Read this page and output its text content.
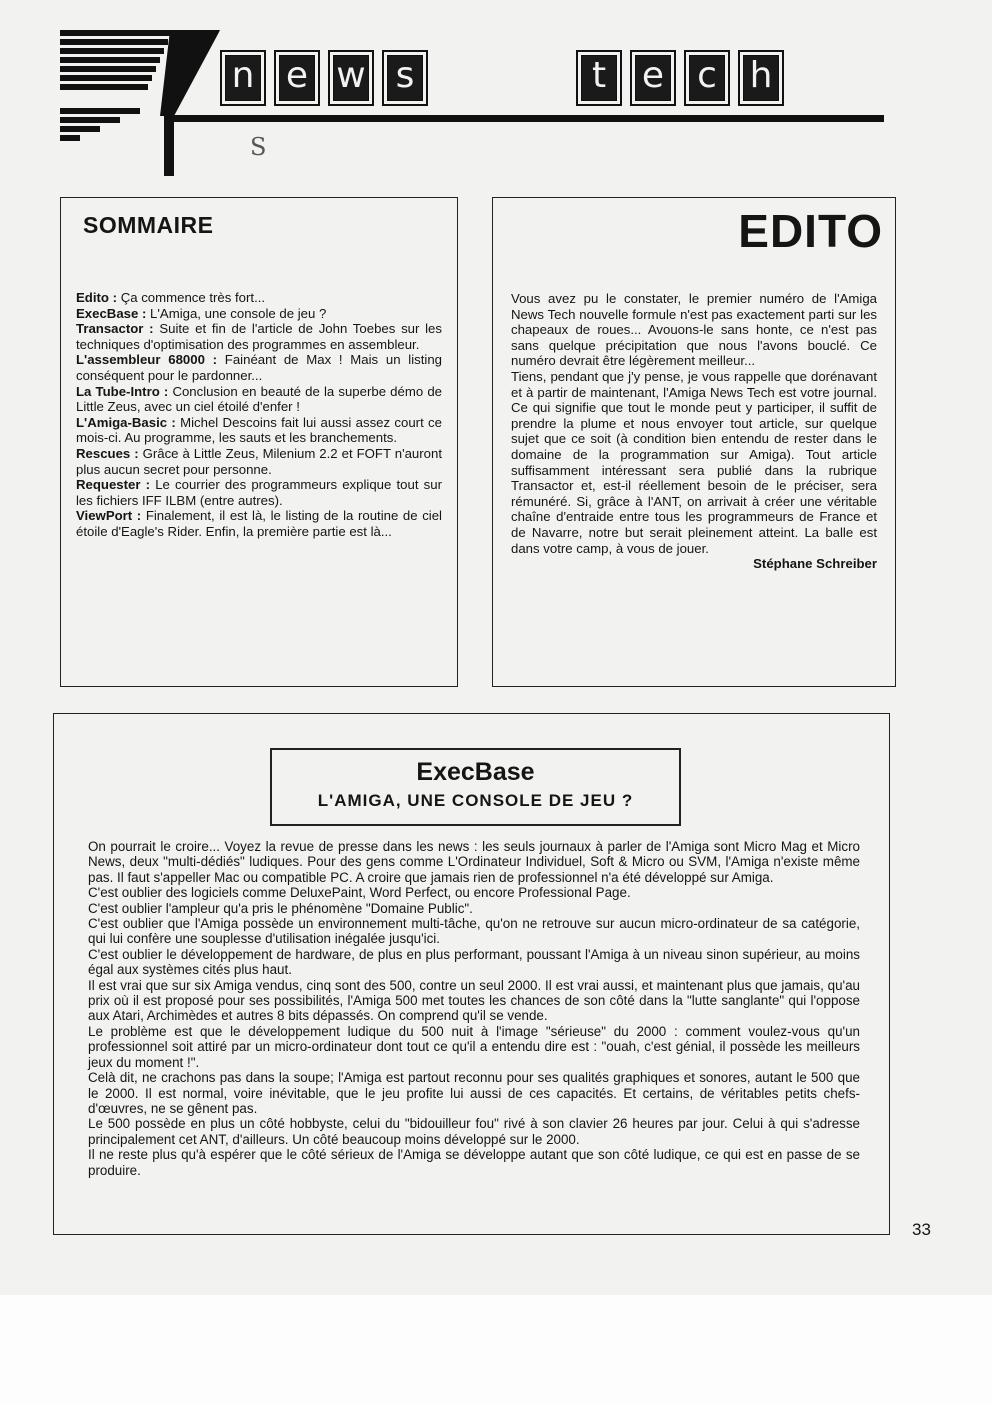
n e w s	t e c h
S
SOMMAIRE

Edito : Ça commence très fort...

ExecBase : L'Amiga, une console de jeu ?

Transactor : Suite et fin de l'article de John Toebes sur les techniques d'optimisation des programmes en assembleur.

L'assembleur 68000 : Fainéant de Max ! Mais un listing conséquent pour le pardonner...

La Tube-Intro : Conclusion en beauté de la superbe démo de Little Zeus, avec un ciel étoilé d'enfer !

L'Amiga-Basic : Michel Descoins fait lui aussi assez court ce mois-ci. Au programme, les sauts et les branchements.

Rescues : Grâce à Little Zeus, Milenium 2.2 et FOFT n'auront plus aucun secret pour personne.

Requester : Le courrier des programmeurs explique tout sur les fichiers IFF ILBM (entre autres).

ViewPort : Finalement, il est là, le listing de la routine de ciel étoile d'Eagle's Rider. Enfin, la première partie est là...

EDITO

Vous avez pu le constater, le premier numéro de l'Amiga News Tech nouvelle formule n'est pas exactement parti sur les chapeaux de roues... Avouons-le sans honte, ce n'est pas sans quelque précipitation que nous l'avons bouclé. Ce numéro devrait être légèrement meilleur...

Tiens, pendant que j'y pense, je vous rappelle que dorénavant et à partir de maintenant, l'Amiga News Tech est votre journal. Ce qui signifie que tout le monde peut y participer, il suffit de prendre la plume et nous envoyer tout article, sur quelque sujet que ce soit (à condition bien entendu de rester dans le domaine de la programmation sur Amiga). Tout article suffisamment intéressant sera publié dans la rubrique Transactor et, est-il réellement besoin de le préciser, sera rémunéré. Si, grâce à l'ANT, on arrivait à créer une véritable chaîne d'entraide entre tous les programmeurs de France et de Navarre, notre but serait pleinement atteint. La balle est dans votre camp, à vous de jouer.

Stéphane Schreiber

ExecBase
L'AMIGA, UNE CONSOLE DE JEU ?

On pourrait le croire... Voyez la revue de presse dans les news : les seuls journaux à parler de l'Amiga sont Micro Mag et Micro News, deux "multi-dédiés" ludiques. Pour des gens comme L'Ordinateur Individuel, Soft & Micro ou SVM, l'Amiga n'existe même pas. Il faut s'appeller Mac ou compatible PC. A croire que jamais rien de professionnel n'a été développé sur Amiga.

C'est oublier des logiciels comme DeluxePaint, Word Perfect, ou encore Professional Page.

C'est oublier l'ampleur qu'a pris le phénomène "Domaine Public".

C'est oublier que l'Amiga possède un environnement multi-tâche, qu'on ne retrouve sur aucun micro-ordinateur de sa catégorie, qui lui confère une souplesse d'utilisation inégalée jusqu'ici.

C'est oublier le développement de hardware, de plus en plus performant, poussant l'Amiga à un niveau sinon supérieur, au moins égal aux systèmes cités plus haut.

Il est vrai que sur six Amiga vendus, cinq sont des 500, contre un seul 2000. Il est vrai aussi, et maintenant plus que jamais, qu'au prix où il est proposé pour ses possibilités, l'Amiga 500 met toutes les chances de son côté dans la "lutte sanglante" qui l'oppose aux Atari, Archimèdes et autres 8 bits dépassés. On comprend qu'il se vende.

Le problème est que le développement ludique du 500 nuit à l'image "sérieuse" du 2000 : comment voulez-vous qu'un professionnel soit attiré par un micro-ordinateur dont tout ce qu'il a entendu dire est : "ouah, c'est génial, il possède les meilleurs jeux du moment !".

Celà dit, ne crachons pas dans la soupe; l'Amiga est partout reconnu pour ses qualités graphiques et sonores, autant le 500 que le 2000. Il est normal, voire inévitable, que le jeu profite lui aussi de ces capacités. Et certains, de véritables petits chefs-d'œuvres, ne se gênent pas.

Le 500 possède en plus un côté hobbyste, celui du "bidouilleur fou" rivé à son clavier 26 heures par jour. Celui à qui s'adresse principalement cet ANT, d'ailleurs. Un côté beaucoup moins développé sur le 2000.

Il ne reste plus qu'à espérer que le côté sérieux de l'Amiga se développe autant que son côté ludique, ce qui est en passe de se produire.

33
